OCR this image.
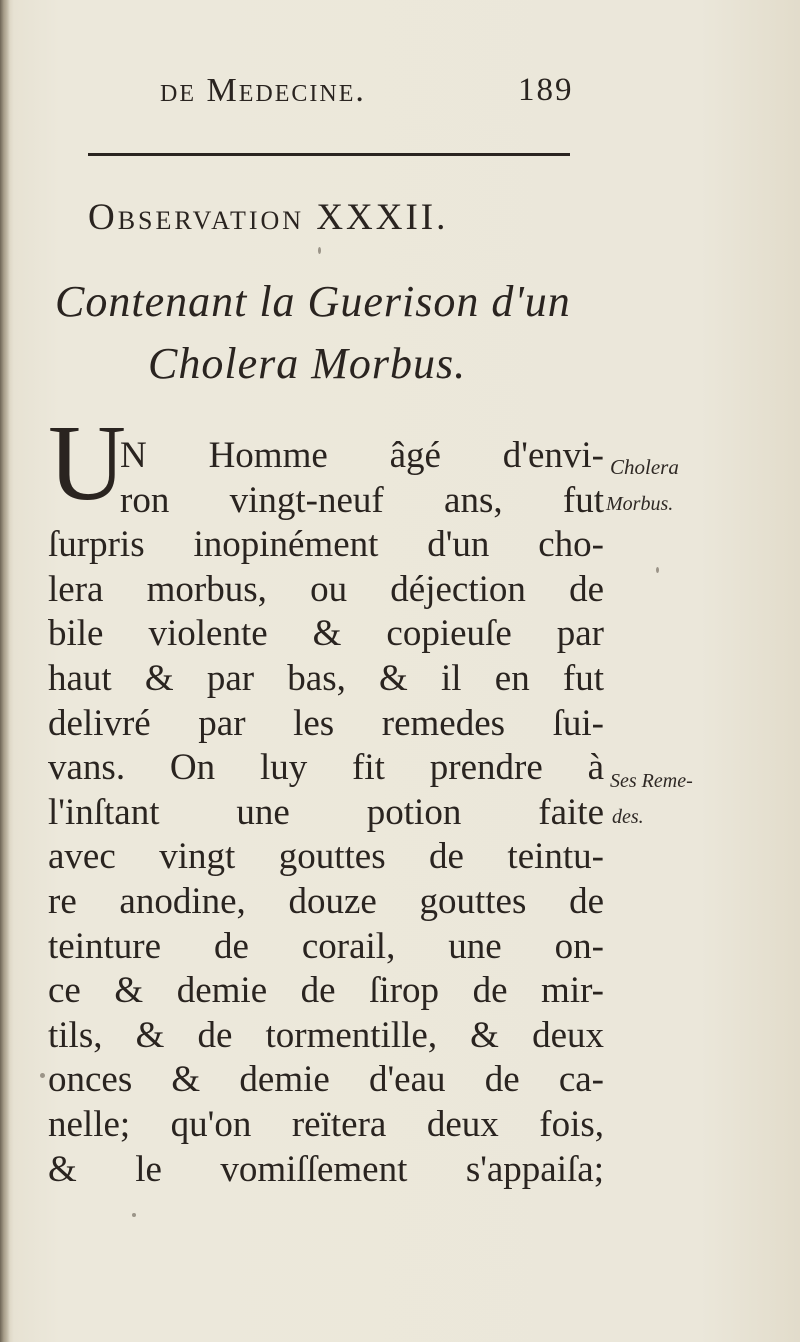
de Medecine.	189
Observation XXXII.
Contenant la Guerison d'un
Cholera Morbus.
U
N Homme âgé d'envi-
ron vingt-neuf ans, fut
ſurpris inopinément d'un cho-
lera morbus, ou déjection de
bile violente & copieuſe par
haut & par bas, & il en fut
delivré par les remedes ſui-
vans. On luy fit prendre à
l'inſtant une potion faite
avec vingt gouttes de teintu-
re anodine, douze gouttes de
teinture de corail, une on-
ce & demie de ſirop de mir-
tils, & de tormentille, & deux
onces & demie d'eau de ca-
nelle; qu'on reïtera deux fois,
& le vomiſſement s'appaiſa;
Cholera
Morbus.
Ses Reme-
des.
